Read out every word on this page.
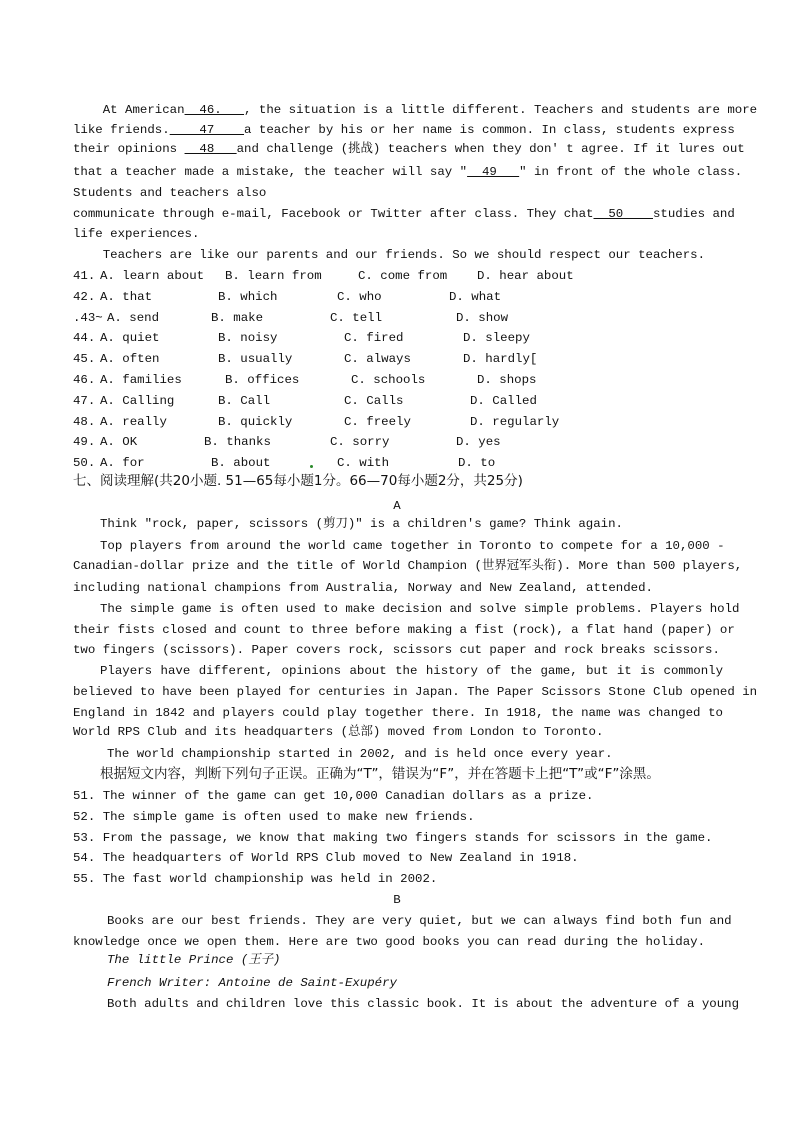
At American  46.   , the situation is a little different. Teachers and students are more
like friends.    47    a teacher by his or her name is common. In class, students express
their opinions   48   and challenge (挑战) teachers when they don' t agree. If it lures out
that a teacher made a mistake, the teacher will say "  49   " in front of the whole class.
Students and teachers also
communicate through e-mail, Facebook or Twitter after class. They chat  50    studies and
life experiences.
Teachers are like our parents and our friends. So we should respect our teachers.
41. A. learn about B. learn from	C. come from D. hear about
42. A. that	B. which	C. who	D. what
.43~ A. send	B. make	C. tell	D. show
44. A. quiet	B. noisy	C. fired	D. sleepy
45. A. often	B. usually	C. always	D. hardly[
46. A. families	B. offices	C. schools	D. shops
47. A. Calling	B. Call	C. Calls	D. Called
48. A. really	B. quickly	C. freely	D. regularly
49. A. OK	B. thanks	C. sorry	D. yes
50. A. for	B. about	C. with	D. to
七、阅读理解(共20小题. 51—65每小题1分。66—70每小题2分，共25分)
A
Think "rock, paper, scissors (剪刀)" is a children's game? Think again.
Top players from around the world came together in Toronto to compete for a 10,000 -
Canadian-dollar prize and the title of World Champion (世界冠军头衔). More than 500 players,
including national champions from Australia, Norway and New Zealand, attended.
The simple game is often used to make decision and solve simple problems. Players hold
their fists closed and count to three before making a fist (rock), a flat hand (paper) or
two fingers (scissors). Paper covers rock, scissors cut paper and rock breaks scissors.
Players have different, opinions about the history of the game, but it is commonly
believed to have been played for centuries in Japan. The Paper Scissors Stone Club opened in
England in 1842 and players could play together there. In 1918, the name was changed to
World RPS Club and its headquarters (总部) moved from London to Toronto.
The world championship started in 2002, and is held once every year.
根据短文内容，判断下列句子正误。正确为“T”，错误为“F”，并在答题卡上把“T”或“F”涂黑。
51. The winner of the game can get 10,000 Canadian dollars as a prize.
52. The simple game is often used to make new friends.
53. From the passage, we know that making two fingers stands for scissors in the game.
54. The headquarters of World RPS Club moved to New Zealand in 1918.
55. The fast world championship was held in 2002.
B
Books are our best friends. They are very quiet, but we can always find both fun and
knowledge once we open them. Here are two good books you can read during the holiday.
The little Prince (王子)
French Writer: Antoine de Saint-Exupéry
Both adults and children love this classic book. It is about the adventure of a young
